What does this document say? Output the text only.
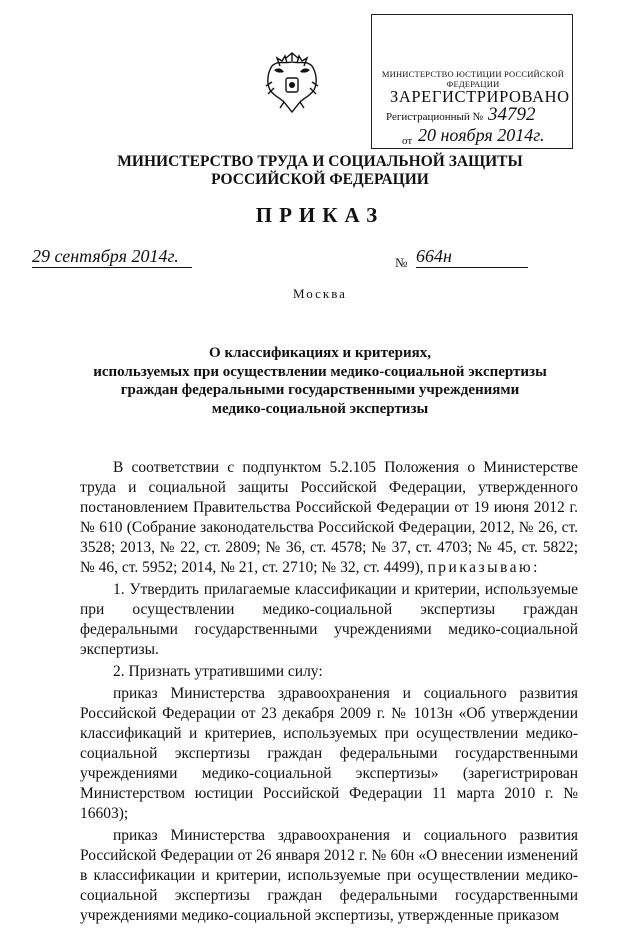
МИНИСТЕРСТВО ЮСТИЦИИ РОССИЙСКОЙ ФЕДЕРАЦИИ
ЗАРЕГИСТРИРОВАНО
Регистрационный № 34792
от 20 ноября 2014г.
МИНИСТЕРСТВО ТРУДА И СОЦИАЛЬНОЙ ЗАЩИТЫ
РОССИЙСКОЙ ФЕДЕРАЦИИ
ПРИКАЗ
29 сентября 2014г.	№ 664н
Москва
О классификациях и критериях,
используемых при осуществлении медико-социальной экспертизы
граждан федеральными государственными учреждениями
медико-социальной экспертизы

В соответствии с подпунктом 5.2.105 Положения о Министерстве труда и социальной защиты Российской Федерации, утвержденного постановлением Правительства Российской Федерации от 19 июня 2012 г. № 610 (Собрание законодательства Российской Федерации, 2012, № 26, ст. 3528; 2013, № 22, ст. 2809; № 36, ст. 4578; № 37, ст. 4703; № 45, ст. 5822; № 46, ст. 5952; 2014, № 21, ст. 2710; № 32, ст. 4499), приказываю:

1. Утвердить прилагаемые классификации и критерии, используемые при осуществлении медико-социальной экспертизы граждан федеральными государственными учреждениями медико-социальной экспертизы.

2. Признать утратившими силу:

приказ Министерства здравоохранения и социального развития Российской Федерации от 23 декабря 2009 г. № 1013н «Об утверждении классификаций и критериев, используемых при осуществлении медико-социальной экспертизы граждан федеральными государственными учреждениями медико-социальной экспертизы» (зарегистрирован Министерством юстиции Российской Федерации 11 марта 2010 г. № 16603);

приказ Министерства здравоохранения и социального развития Российской Федерации от 26 января 2012 г. № 60н «О внесении изменений в классификации и критерии, используемые при осуществлении медико-социальной экспертизы граждан федеральными государственными учреждениями медико-социальной экспертизы, утвержденные приказом
